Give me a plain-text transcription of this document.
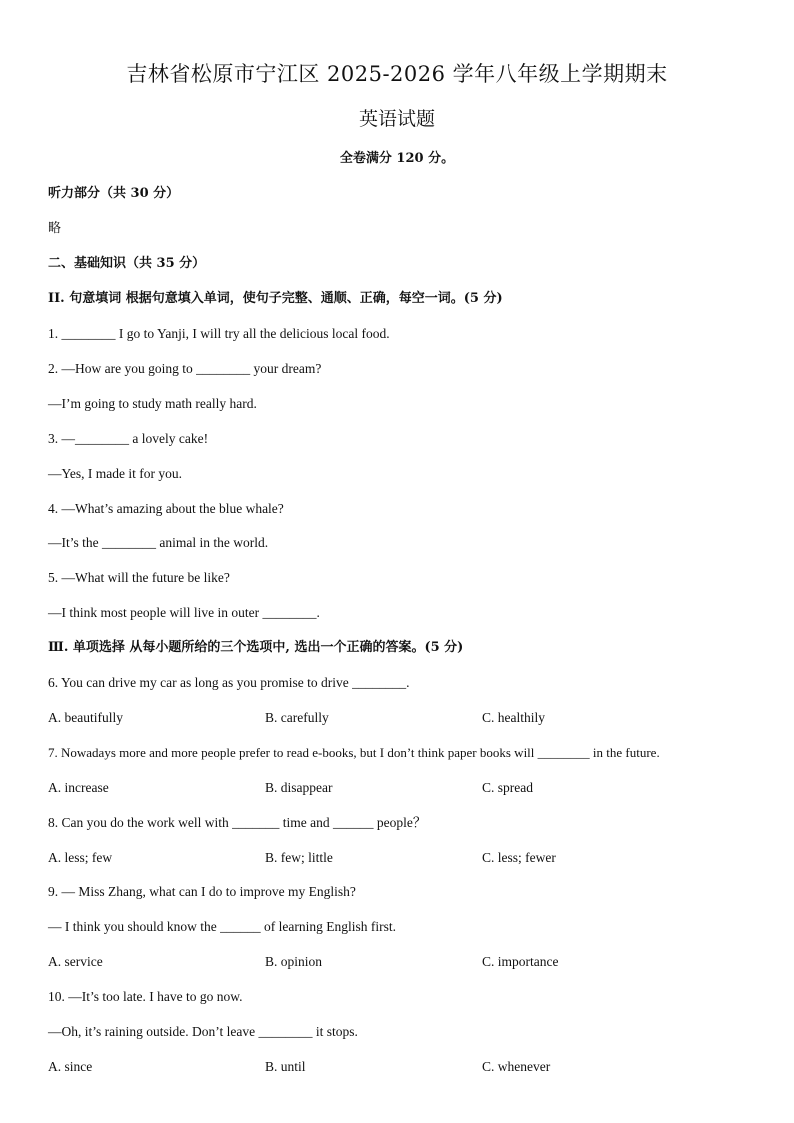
吉林省松原市宁江区 2025-2026 学年八年级上学期期末
英语试题
全卷满分 120 分。
听力部分（共 30 分）
略
二、基础知识（共 35 分）
II. 句意填词 根据句意填入单词，使句子完整、通顺、正确，每空一词。(5 分)
1. ________ I go to Yanji, I will try all the delicious local food.
2. —How are you going to ________ your dream?
—I’m going to study math really hard.
3. —________ a lovely cake!
—Yes, I made it for you.
4. —What’s amazing about the blue whale?
—It’s the ________ animal in the world.
5. —What will the future be like?
—I think most people will live in outer ________.
Ⅲ. 单项选择 从每小题所给的三个选项中, 选出一个正确的答案。(5 分)
6. You can drive my car as long as you promise to drive ________.
A. beautifully	B. carefully	C. healthily
7. Nowadays more and more people prefer to read e-books, but I don’t think paper books will ________ in the future.
A. increase	B. disappear	C. spread
8. Can you do the work well with _______ time and ______ people？
A. less; few	B. few; little	C. less; fewer
9. — Miss Zhang, what can I do to improve my English?
— I think you should know the ______ of learning English first.
A. service	B. opinion	C. importance
10. —It’s too late. I have to go now.
—Oh, it’s raining outside. Don’t leave ________ it stops.
A. since	B. until	C. whenever
